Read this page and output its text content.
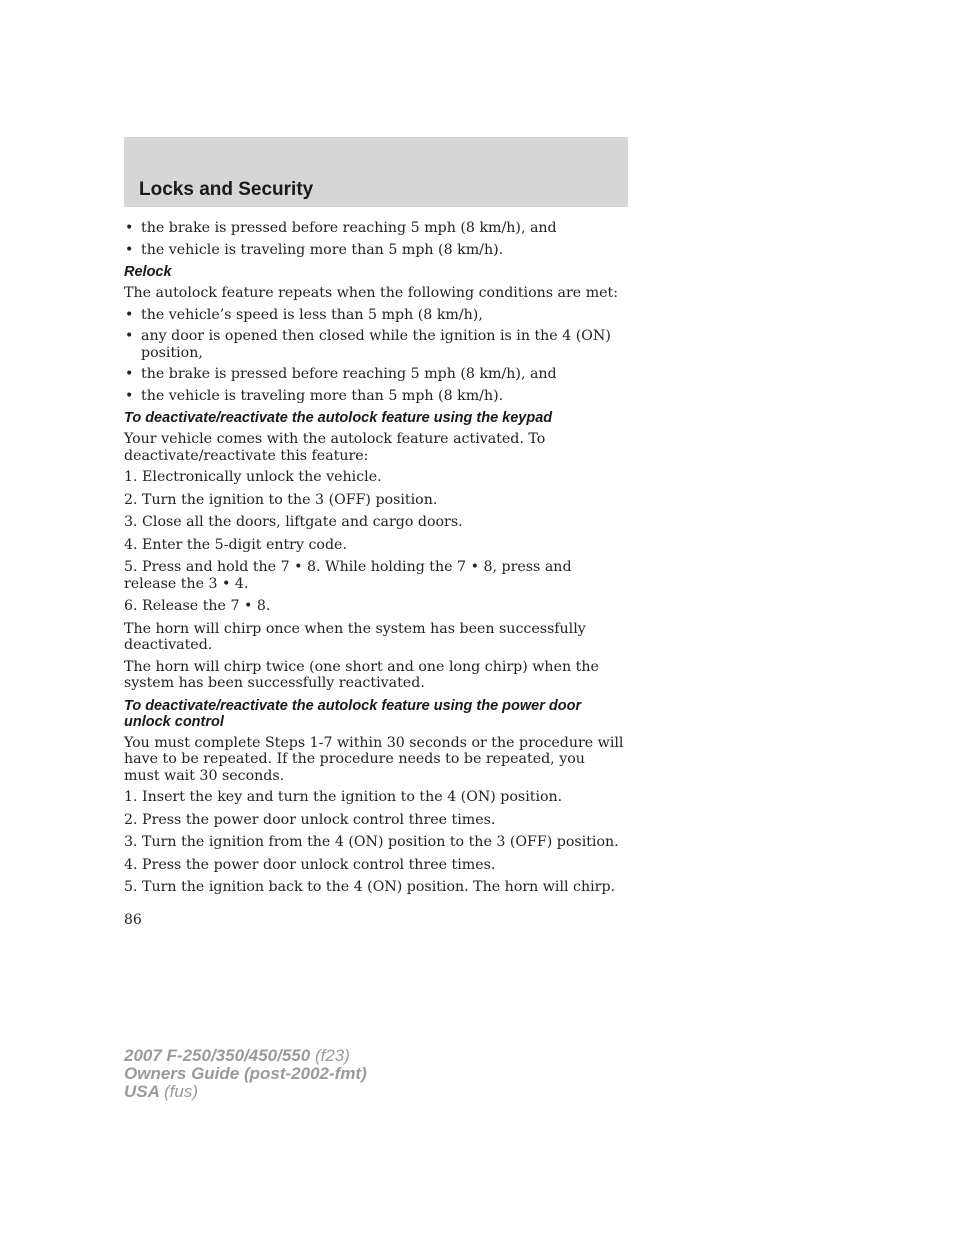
Locks and Security
• the brake is pressed before reaching 5 mph (8 km/h), and
• the vehicle is traveling more than 5 mph (8 km/h).
Relock

The autolock feature repeats when the following conditions are met:

• the vehicle’s speed is less than 5 mph (8 km/h),
• any door is opened then closed while the ignition is in the 4 (ON) position,
• the brake is pressed before reaching 5 mph (8 km/h), and
• the vehicle is traveling more than 5 mph (8 km/h).
To deactivate/reactivate the autolock feature using the keypad

Your vehicle comes with the autolock feature activated. To deactivate/reactivate this feature:

1. Electronically unlock the vehicle.

2. Turn the ignition to the 3 (OFF) position.

3. Close all the doors, liftgate and cargo doors.

4. Enter the 5-digit entry code.

5. Press and hold the 7 • 8. While holding the 7 • 8, press and release the 3 • 4.

6. Release the 7 • 8.

The horn will chirp once when the system has been successfully deactivated.

The horn will chirp twice (one short and one long chirp) when the system has been successfully reactivated.

To deactivate/reactivate the autolock feature using the power door unlock control

You must complete Steps 1-7 within 30 seconds or the procedure will have to be repeated. If the procedure needs to be repeated, you must wait 30 seconds.

1. Insert the key and turn the ignition to the 4 (ON) position.

2. Press the power door unlock control three times.

3. Turn the ignition from the 4 (ON) position to the 3 (OFF) position.

4. Press the power door unlock control three times.

5. Turn the ignition back to the 4 (ON) position. The horn will chirp.

86
2007 F-250/350/450/550 (f23)
Owners Guide (post-2002-fmt)
USA (fus)
